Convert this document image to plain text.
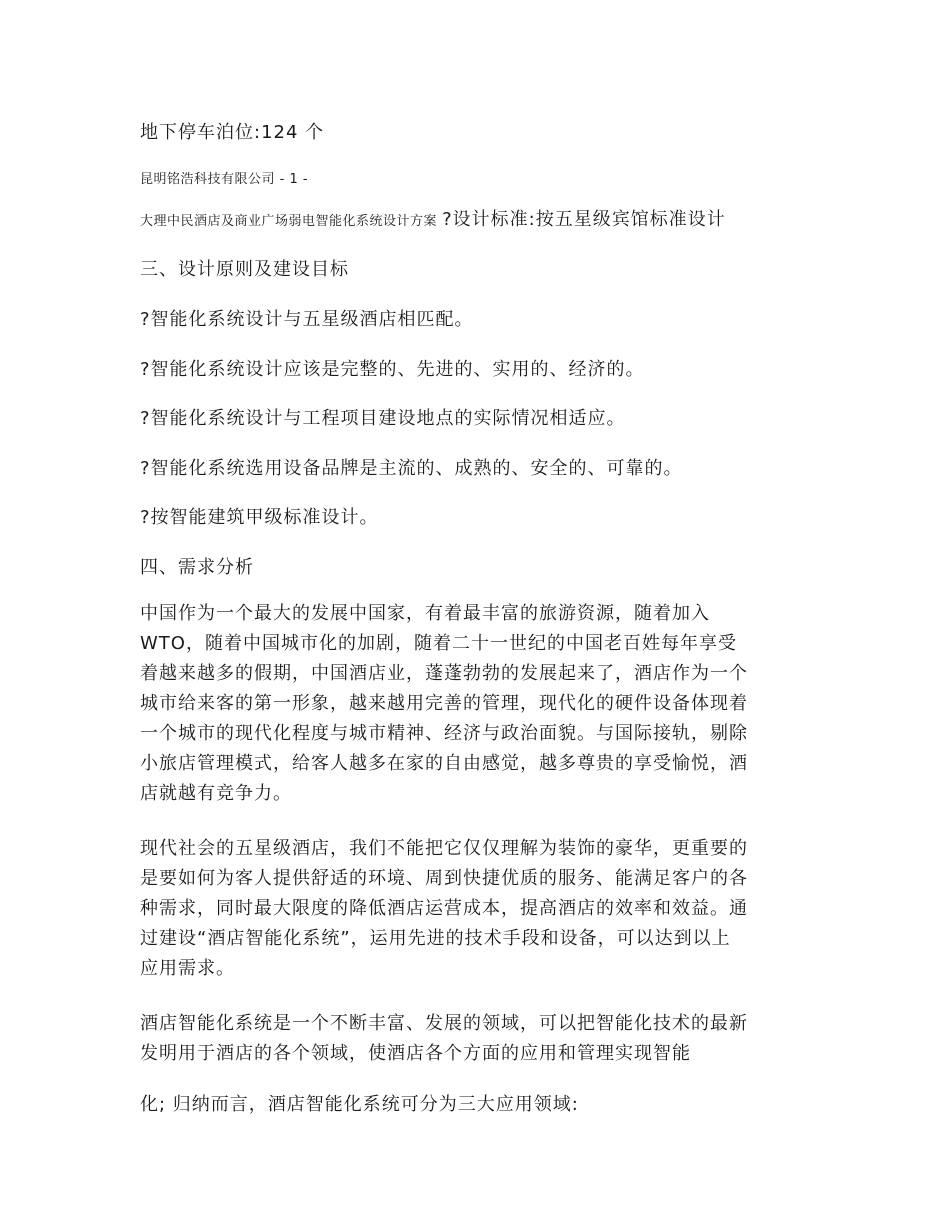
地下停车泊位:124 个
昆明铭浩科技有限公司 - 1 -
大理中民酒店及商业广场弱电智能化系统设计方案 ?设计标准:按五星级宾馆标准设计
三、设计原则及建设目标
?智能化系统设计与五星级酒店相匹配。
?智能化系统设计应该是完整的、先进的、实用的、经济的。
?智能化系统设计与工程项目建设地点的实际情况相适应。
?智能化系统选用设备品牌是主流的、成熟的、安全的、可靠的。
?按智能建筑甲级标准设计。
四、需求分析
中国作为一个最大的发展中国家，有着最丰富的旅游资源，随着加入
WTO，随着中国城市化的加剧，随着二十一世纪的中国老百姓每年享受
着越来越多的假期，中国酒店业，蓬蓬勃勃的发展起来了，酒店作为一个
城市给来客的第一形象，越来越用完善的管理，现代化的硬件设备体现着
一个城市的现代化程度与城市精神、经济与政治面貌。与国际接轨，剔除
小旅店管理模式，给客人越多在家的自由感觉，越多尊贵的享受愉悦，酒
店就越有竞争力。
现代社会的五星级酒店，我们不能把它仅仅理解为装饰的豪华，更重要的
是要如何为客人提供舒适的环境、周到快捷优质的服务、能满足客户的各
种需求，同时最大限度的降低酒店运营成本，提高酒店的效率和效益。通
过建设“酒店智能化系统”，运用先进的技术手段和设备，可以达到以上
应用需求。
酒店智能化系统是一个不断丰富、发展的领域，可以把智能化技术的最新
发明用于酒店的各个领域，使酒店各个方面的应用和管理实现智能
化; 归纳而言，酒店智能化系统可分为三大应用领域:
